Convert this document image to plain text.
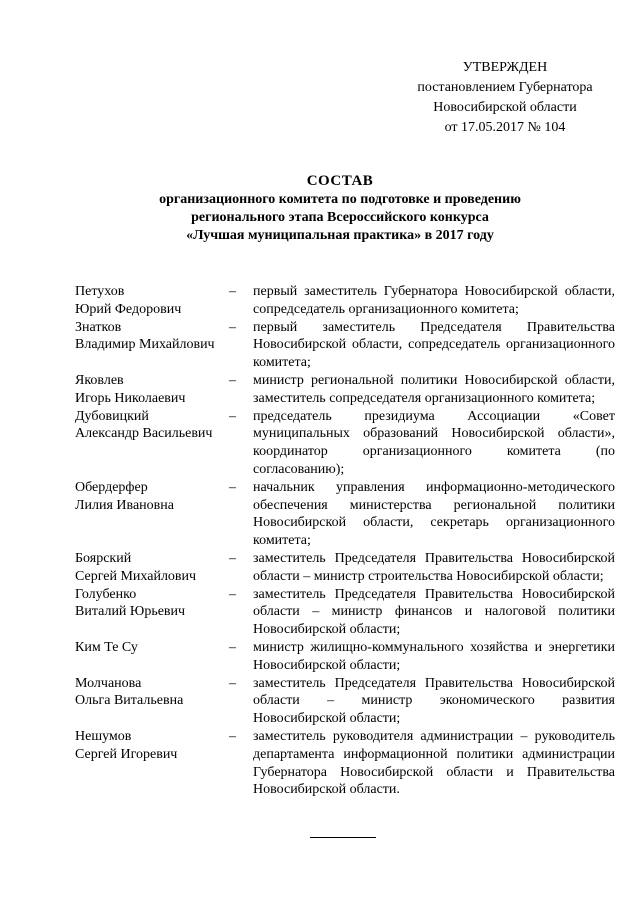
УТВЕРЖДЕН
постановлением Губернатора
Новосибирской области
от 17.05.2017 № 104
СОСТАВ
организационного комитета по подготовке и проведению
регионального этапа Всероссийского конкурса
«Лучшая муниципальная практика» в 2017 году
Петухов
Юрий Федорович
–	первый заместитель Губернатора Новосибирской области, сопредседатель организационного комитета;
Знатков
Владимир Михайлович
–	первый заместитель Председателя Правительства Новосибирской области, сопредседатель организационного комитета;
Яковлев
Игорь Николаевич
–	министр региональной политики Новосибирской области, заместитель сопредседателя организационного комитета;
Дубовицкий
Александр Васильевич
–	председатель президиума Ассоциации «Совет муниципальных образований Новосибирской области», координатор организационного комитета (по согласованию);
Обердерфер
Лилия Ивановна
–	начальник управления информационно-методического обеспечения министерства региональной политики Новосибирской области, секретарь организационного комитета;
Боярский
Сергей Михайлович
–	заместитель Председателя Правительства Новосибирской области – министр строительства Новосибирской области;
Голубенко
Виталий Юрьевич
–	заместитель Председателя Правительства Новосибирской области – министр финансов и налоговой политики Новосибирской области;
Ким Те Су	–	министр жилищно-коммунального хозяйства и энергетики Новосибирской области;
Молчанова
Ольга Витальевна
–	заместитель Председателя Правительства Новосибирской области – министр экономического развития Новосибирской области;
Нешумов
Сергей Игоревич
–	заместитель руководителя администрации – руководитель департамента информационной политики администрации Губернатора Новосибирской области и Правительства Новосибирской области.
